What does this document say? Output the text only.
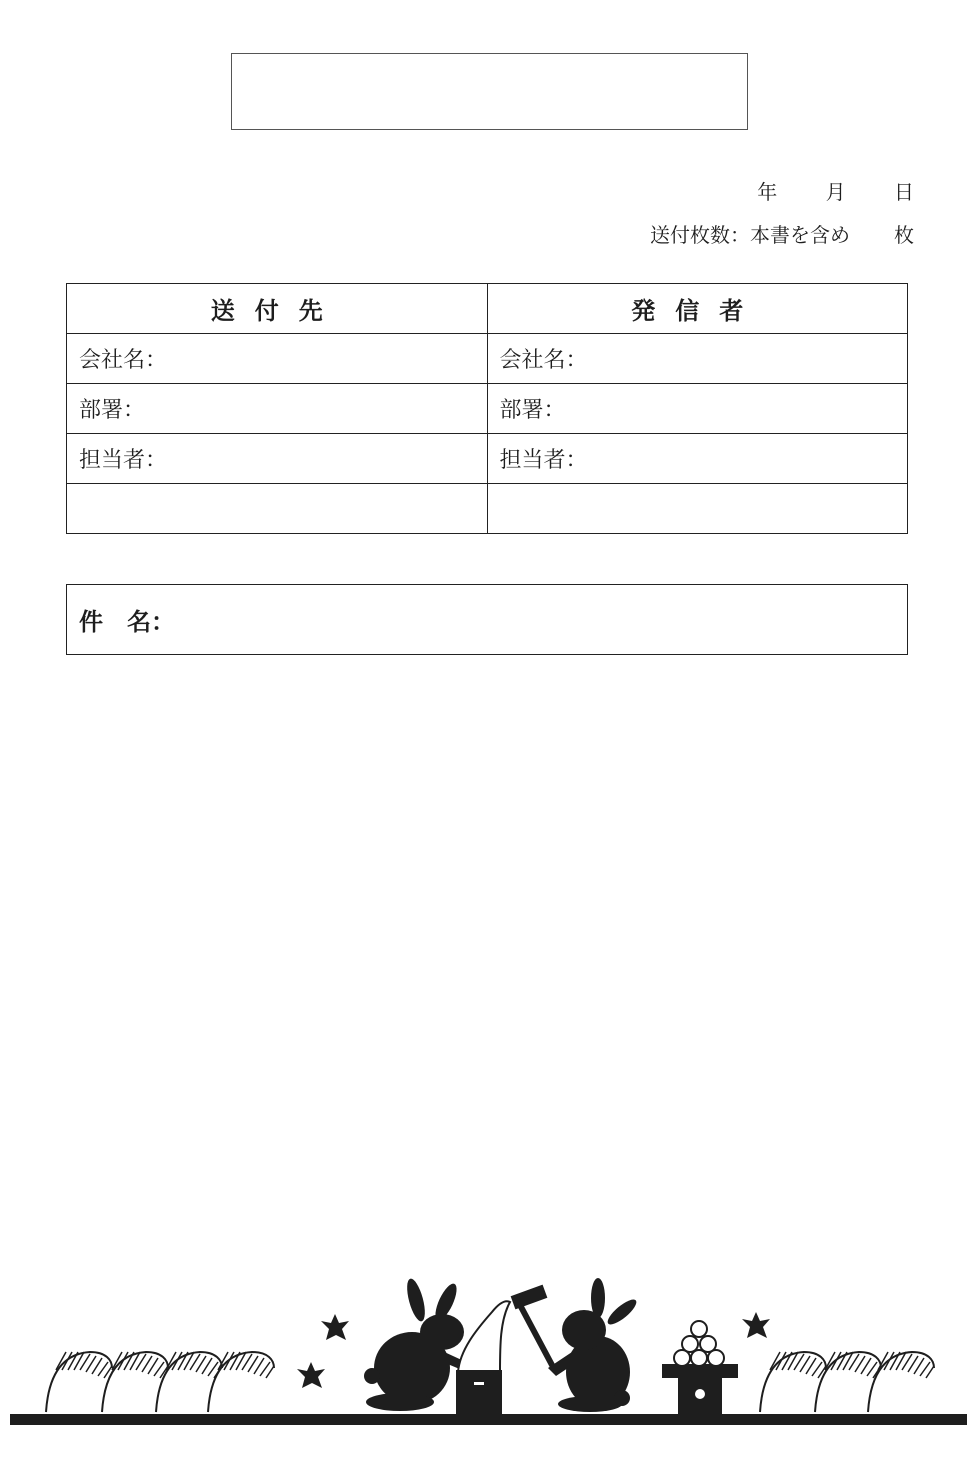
年 月 日
送付枚数：本書を含め 枚
送付先	発信者
会社名：	会社名：
部署：	部署：
担当者：	担当者：

件　名：
